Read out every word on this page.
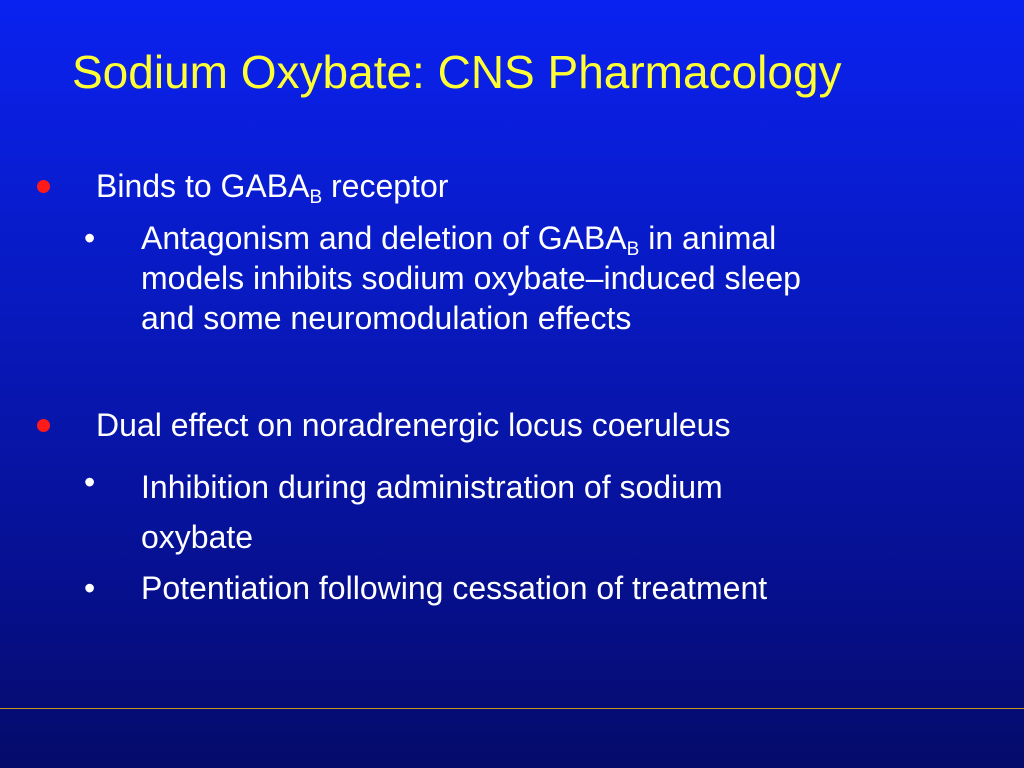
Sodium Oxybate: CNS Pharmacology
Binds to $GABA_B$ receptor
• Antagonism and deletion of $GABA_B$ in animal
models inhibits sodium oxybate–induced sleep
and some neuromodulation effects
Dual effect on noradrenergic locus coeruleus
• Inhibition during administration of sodium
oxybate
• Potentiation following cessation of treatment
